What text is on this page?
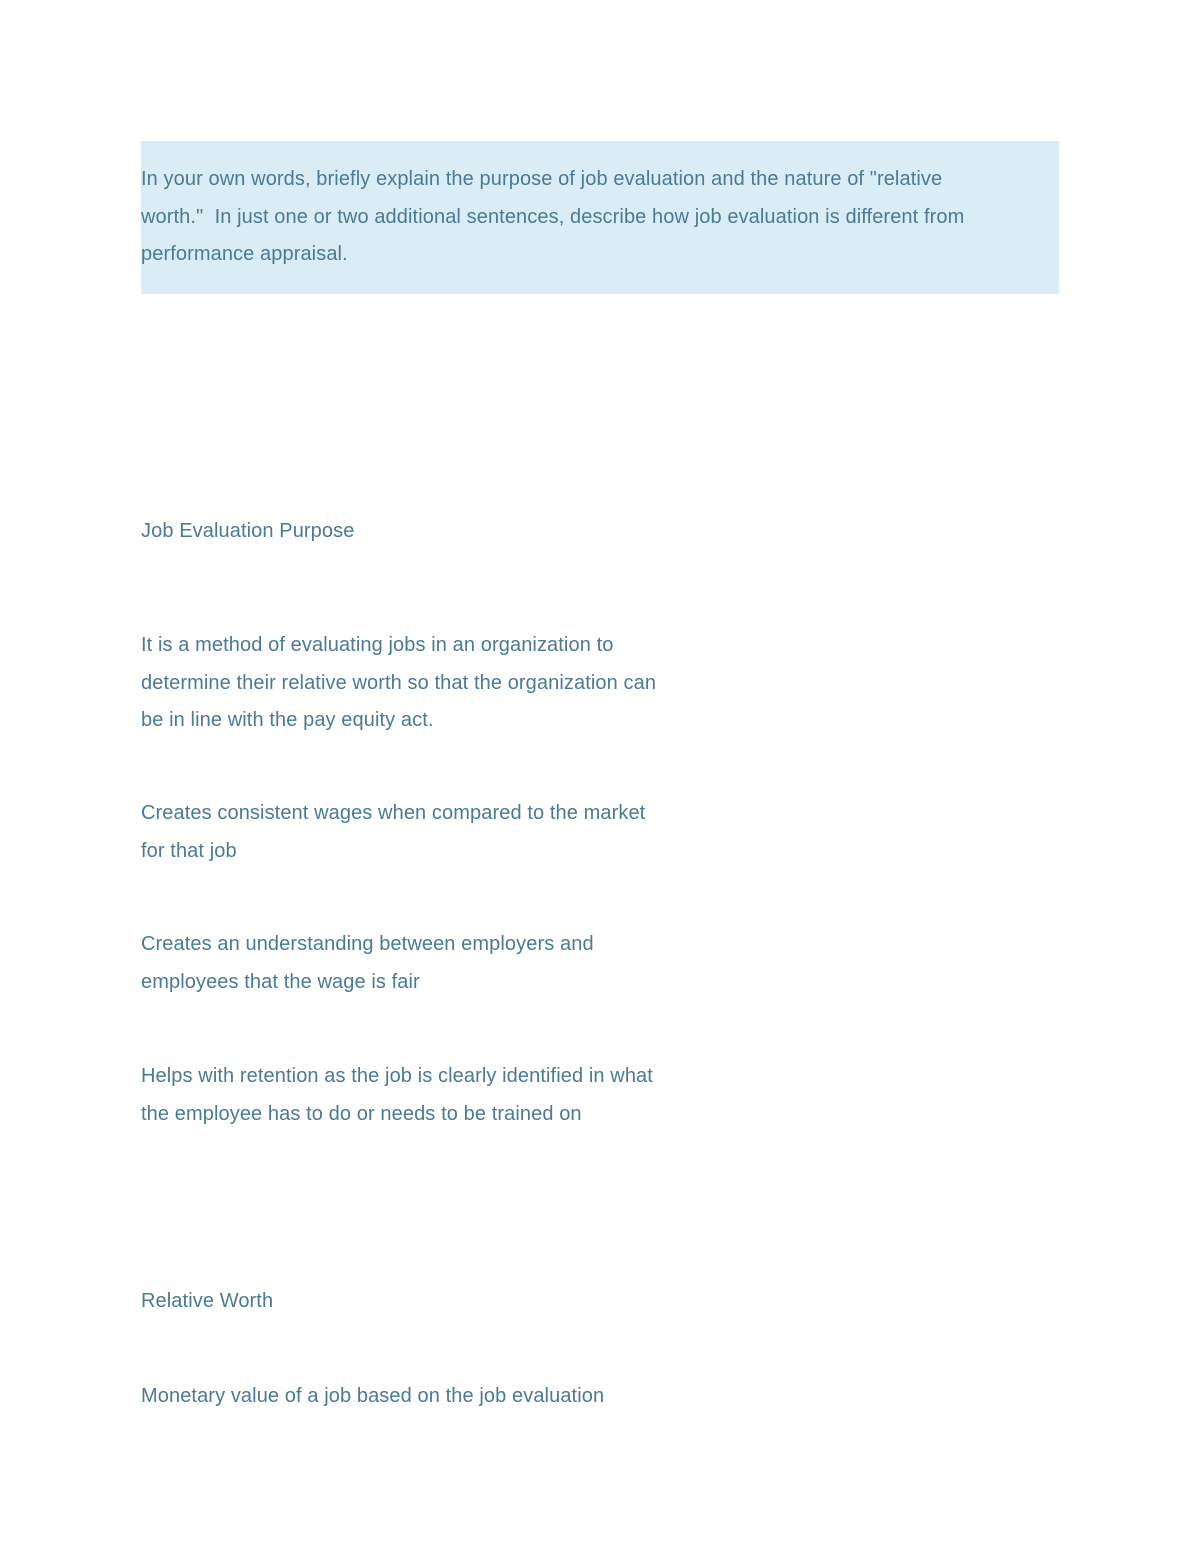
In your own words, briefly explain the purpose of job evaluation and the nature of "relative
worth."  In just one or two additional sentences, describe how job evaluation is different from
performance appraisal.

Job Evaluation Purpose

It is a method of evaluating jobs in an organization to
determine their relative worth so that the organization can
be in line with the pay equity act.

Creates consistent wages when compared to the market
for that job

Creates an understanding between employers and
employees that the wage is fair

Helps with retention as the job is clearly identified in what
the employee has to do or needs to be trained on

Relative Worth

Monetary value of a job based on the job evaluation
